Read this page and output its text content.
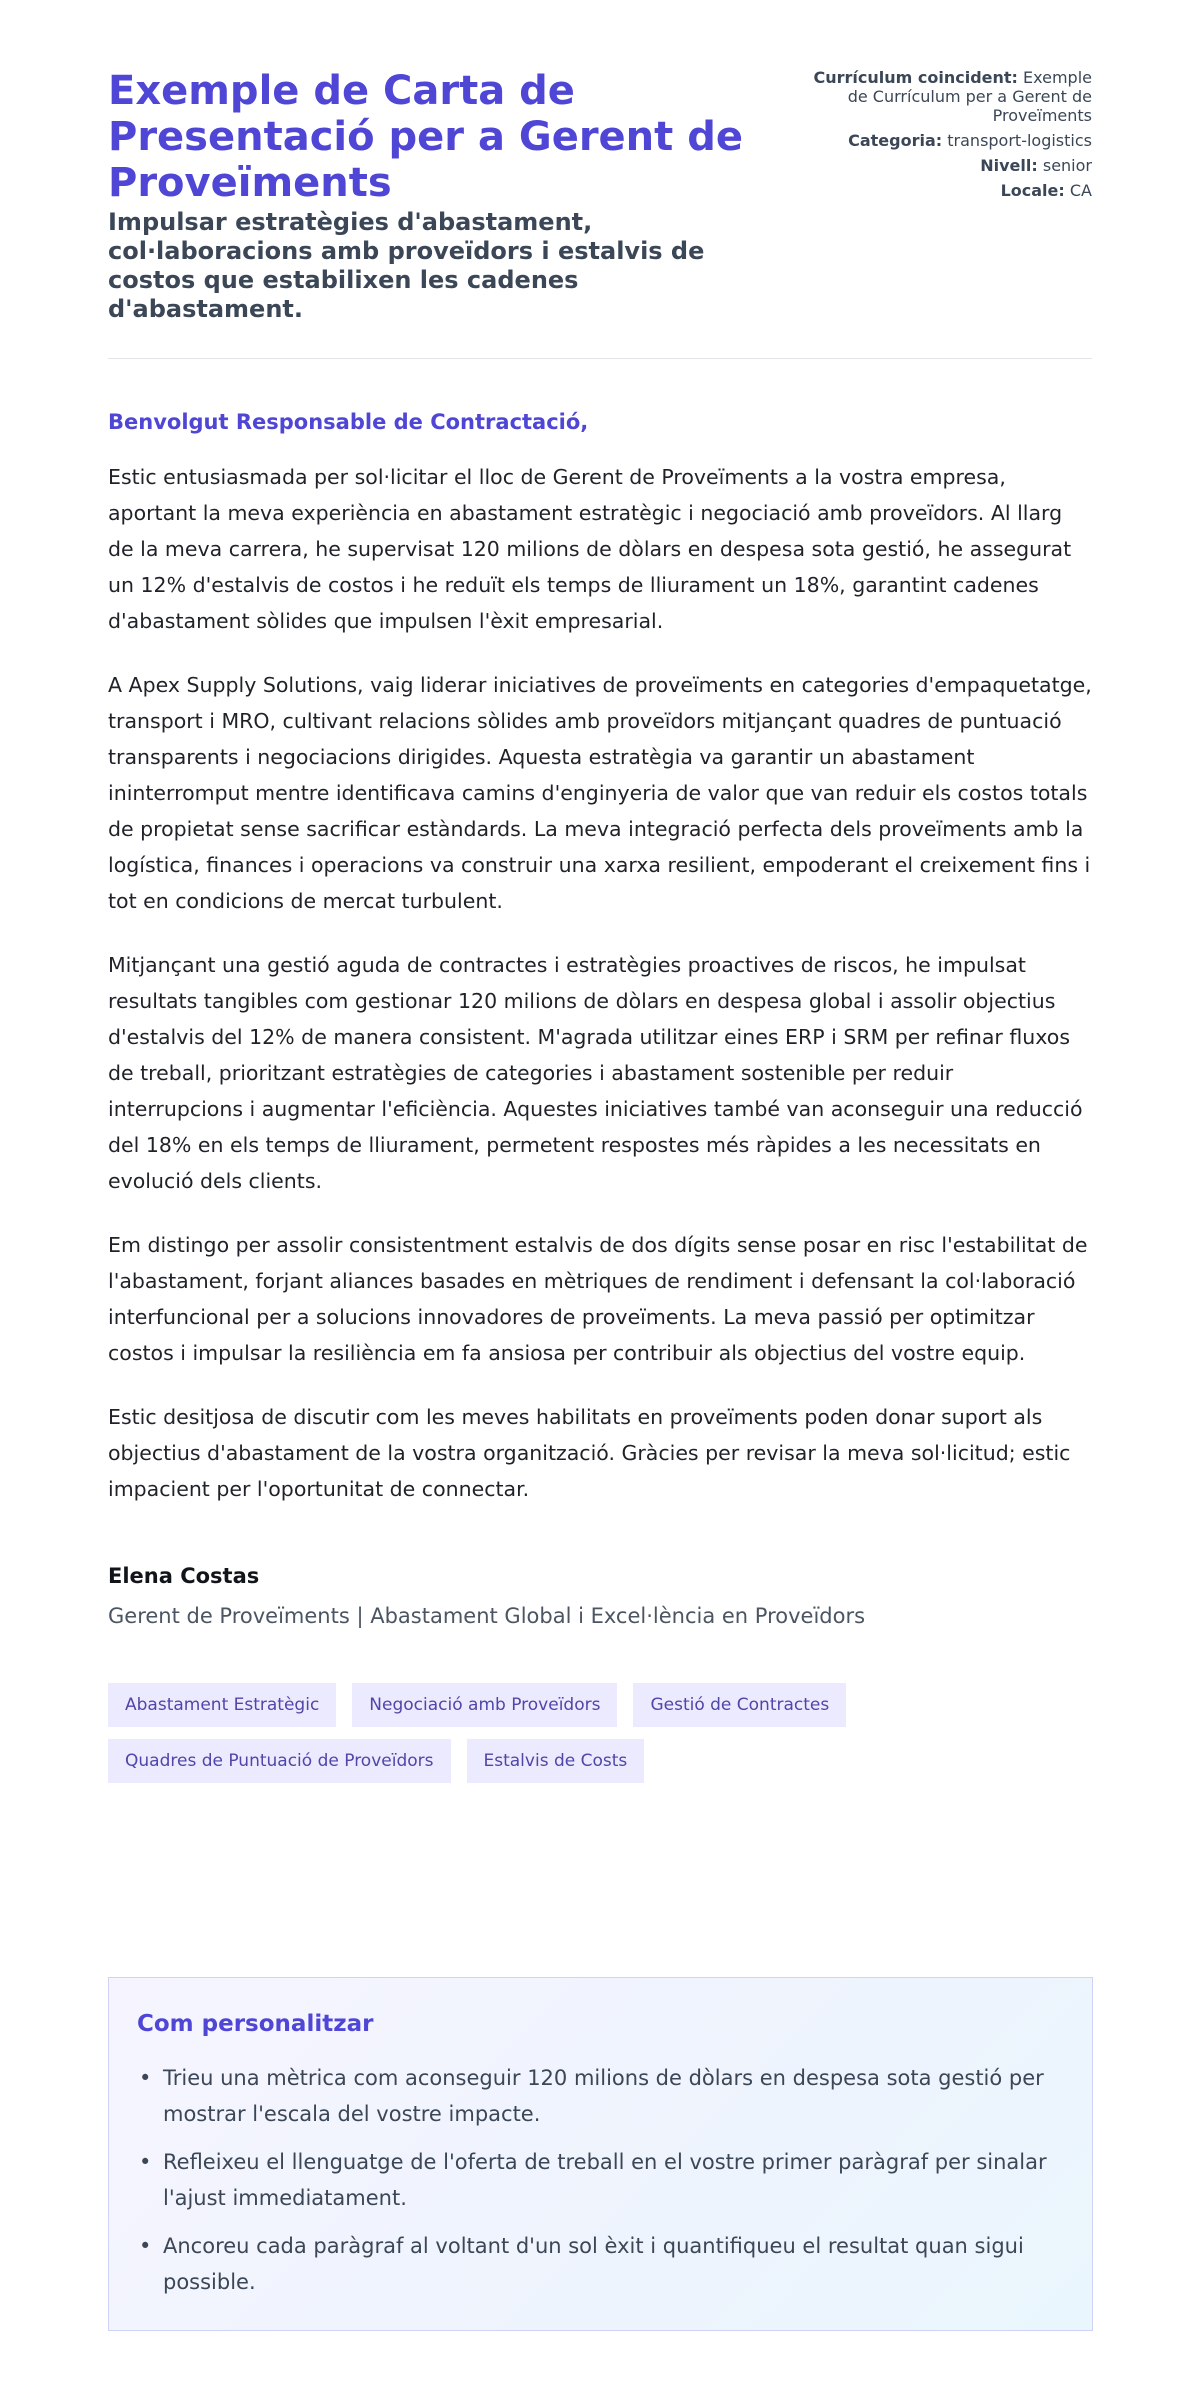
Exemple de Carta de Presentació per a Gerent de Proveïments
Impulsar estratègies d'abastament, col·laboracions amb proveïdors i estalvis de costos que estabilixen les cadenes d'abastament.
Currículum coincident: Exemple de Currículum per a Gerent de Proveïments
Categoria: transport-logistics
Nivell: senior
Locale: CA
Benvolgut Responsable de Contractació,

Estic entusiasmada per sol·licitar el lloc de Gerent de Proveïments a la vostra empresa, aportant la meva experiència en abastament estratègic i negociació amb proveïdors. Al llarg de la meva carrera, he supervisat 120 milions de dòlars en despesa sota gestió, he assegurat un 12% d'estalvis de costos i he reduït els temps de lliurament un 18%, garantint cadenes d'abastament sòlides que impulsen l'èxit empresarial.

A Apex Supply Solutions, vaig liderar iniciatives de proveïments en categories d'empaquetatge, transport i MRO, cultivant relacions sòlides amb proveïdors mitjançant quadres de puntuació transparents i negociacions dirigides. Aquesta estratègia va garantir un abastament ininterromput mentre identificava camins d'enginyeria de valor que van reduir els costos totals de propietat sense sacrificar estàndards. La meva integració perfecta dels proveïments amb la logística, finances i operacions va construir una xarxa resilient, empoderant el creixement fins i tot en condicions de mercat turbulent.

Mitjançant una gestió aguda de contractes i estratègies proactives de riscos, he impulsat resultats tangibles com gestionar 120 milions de dòlars en despesa global i assolir objectius d'estalvis del 12% de manera consistent. M'agrada utilitzar eines ERP i SRM per refinar fluxos de treball, prioritzant estratègies de categories i abastament sostenible per reduir interrupcions i augmentar l'eficiència. Aquestes iniciatives també van aconseguir una reducció del 18% en els temps de lliurament, permetent respostes més ràpides a les necessitats en evolució dels clients.

Em distingo per assolir consistentment estalvis de dos dígits sense posar en risc l'estabilitat de l'abastament, forjant aliances basades en mètriques de rendiment i defensant la col·laboració interfuncional per a solucions innovadores de proveïments. La meva passió per optimitzar costos i impulsar la resiliència em fa ansiosa per contribuir als objectius del vostre equip.

Estic desitjosa de discutir com les meves habilitats en proveïments poden donar suport als objectius d'abastament de la vostra organització. Gràcies per revisar la meva sol·licitud; estic impacient per l'oportunitat de connectar.

Elena Costas
Gerent de Proveïments | Abastament Global i Excel·lència en Proveïdors
Abastament Estratègic	Negociació amb Proveïdors	Gestió de Contractes
Quadres de Puntuació de Proveïdors	Estalvis de Costs
Com personalitzar
• Trieu una mètrica com aconseguir 120 milions de dòlars en despesa sota gestió per mostrar l'escala del vostre impacte.
• Refleixeu el llenguatge de l'oferta de treball en el vostre primer paràgraf per sinalar l'ajust immediatament.
• Ancoreu cada paràgraf al voltant d'un sol èxit i quantifiqueu el resultat quan sigui possible.
